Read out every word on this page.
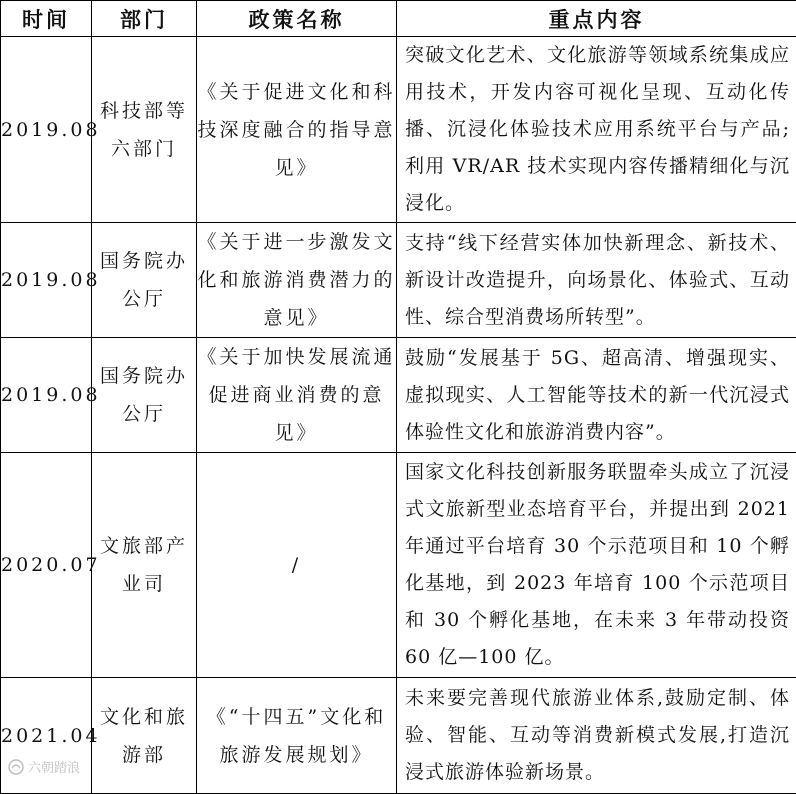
时间	部门	政策名称	重点内容
2019.08	科技部等六部门	《关于促进文化和科技深度融合的指导意见》	突破文化艺术、文化旅游等领域系统集成应用技术，开发内容可视化呈现、互动化传播、沉浸化体验技术应用系统平台与产品;利用 VR/AR 技术实现内容传播精细化与沉浸化。
2019.08	国务院办公厅	《关于进一步激发文化和旅游消费潜力的意见》	支持“线下经营实体加快新理念、新技术、新设计改造提升，向场景化、体验式、互动性、综合型消费场所转型”。
2019.08	国务院办公厅	《关于加快发展流通促进商业消费的意见》	鼓励“发展基于 5G、超高清、增强现实、虚拟现实、人工智能等技术的新一代沉浸式体验性文化和旅游消费内容”。
2020.07	文旅部产业司	/	国家文化科技创新服务联盟牵头成立了沉浸式文旅新型业态培育平台，并提出到 2021 年通过平台培育 30 个示范项目和 10 个孵化基地，到 2023 年培育 100 个示范项目和 30 个孵化基地，在未来 3 年带动投资 60 亿—100 亿。
2021.04	文化和旅游部	《“十四五”文化和旅游发展规划》	未来要完善现代旅游业体系,鼓励定制、体验、智能、互动等消费新模式发展,打造沉浸式旅游体验新场景。
六朝踏浪
